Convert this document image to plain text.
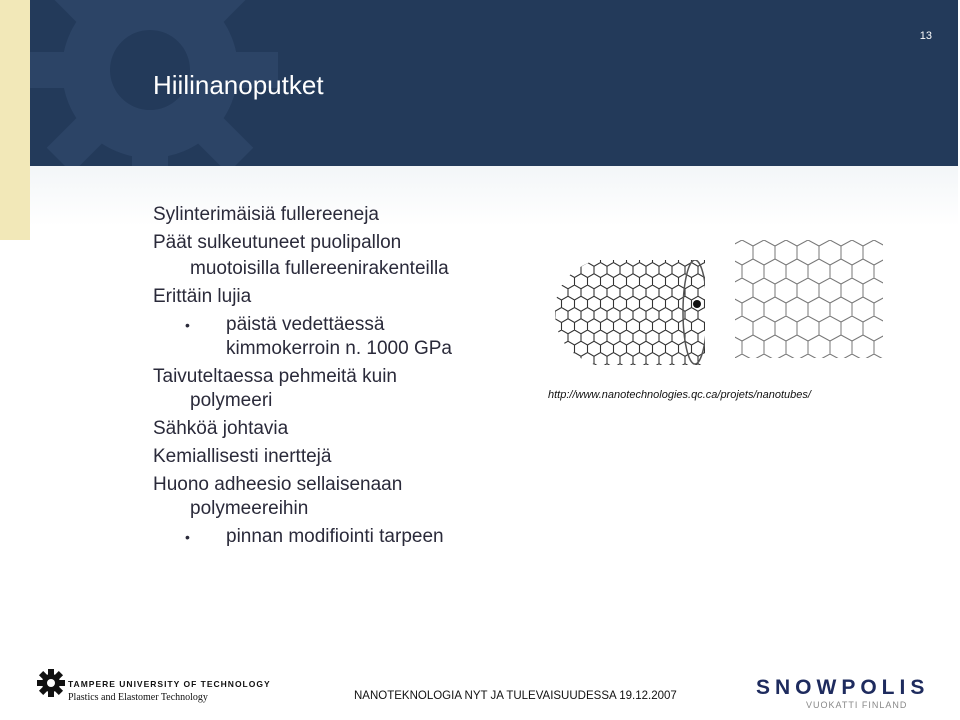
13
Hiilinanoputket
Sylinterimäisiä fullereeneja
Päät sulkeutuneet puolipallon
muotoisilla fullereenirakenteilla
Erittäin lujia
• päistä vedettäessä
kimmokerroin n. 1000 GPa
Taivuteltaessa pehmeitä kuin
polymeeri
Sähköä johtavia
Kemiallisesti inerttejä
Huono adheesio sellaisenaan
polymeereihin
• pinnan modifiointi tarpeen
http://www.nanotechnologies.qc.ca/projets/nanotubes/
TAMPERE UNIVERSITY OF TECHNOLOGY
Plastics and Elastomer Technology	NANOTEKNOLOGIA NYT JA TULEVAISUUDESSA 19.12.2007	SNOWPOLIS
VUOKATTI FINLAND
